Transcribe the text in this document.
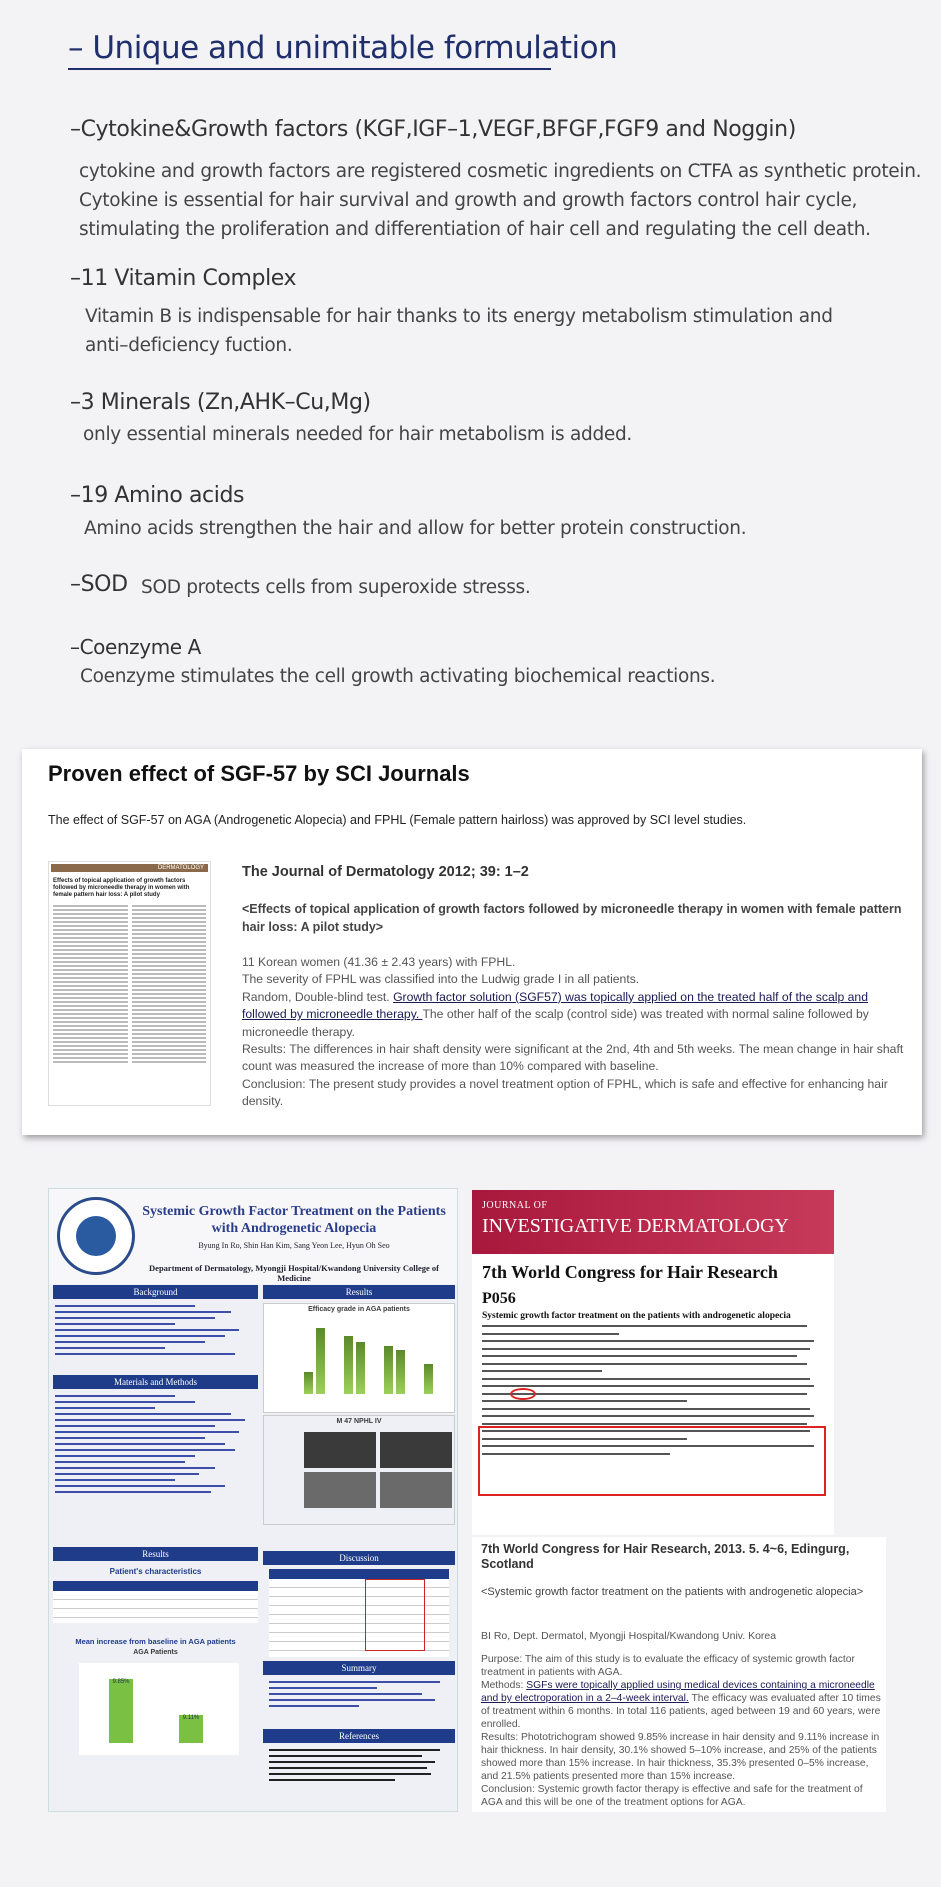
– Unique and unimitable formulation
–Cytokine&Growth factors (KGF,IGF–1,VEGF,BFGF,FGF9 and Noggin)
cytokine and growth factors are registered cosmetic ingredients on CTFA as synthetic protein.
Cytokine is essential for hair survival and growth and growth factors control hair cycle,
stimulating the proliferation and differentiation of hair cell and regulating the cell death.
–11 Vitamin Complex
Vitamin B is indispensable for hair thanks to its energy metabolism stimulation and
anti–deficiency fuction.
–3 Minerals (Zn,AHK–Cu,Mg)
only essential minerals needed for hair metabolism is added.
–19 Amino acids
Amino acids strengthen the hair and allow for better protein construction.
–SOD SOD protects cells from superoxide stresss.
–Coenzyme A
Coenzyme stimulates the cell growth activating biochemical reactions.
Proven effect of SGF-57 by SCI Journals
The effect of SGF-57 on AGA (Androgenetic Alopecia) and FPHL (Female pattern hairloss) was approved by SCI level studies.
DERMATOLOGY
Effects of topical application of growth factors followed by microneedle therapy in women with female pattern hair loss: A pilot study
The Journal of Dermatology 2012; 39: 1–2
<Effects of topical application of growth factors followed by microneedle therapy in women with female pattern hair loss: A pilot study>

11 Korean women (41.36 ± 2.43 years) with FPHL.

The severity of FPHL was classified into the Ludwig grade I in all patients.

Random, Double-blind test. Growth factor solution (SGF57) was topically applied on the treated half of the scalp and followed by microneedle therapy. The other half of the scalp (control side) was treated with normal saline followed by microneedle therapy.

Results: The differences in hair shaft density were significant at the 2nd, 4th and 5th weeks. The mean change in hair shaft count was measured the increase of more than 10% compared with baseline.

Conclusion: The present study provides a novel treatment option of FPHL, which is safe and effective for enhancing hair density.

Systemic Growth Factor Treatment on the Patients with Androgenetic Alopecia
Byung In Ro, Shin Han Kim, Sang Yeon Lee, Hyun Oh Seo
Department of Dermatology, Myongji Hospital/Kwandong University College of Medicine
Background	Results
Materials and Methods
Efficacy grade in AGA patients
M 47 NPHL IV
Results
Patient's characteristics
Mean increase from baseline in AGA patients
AGA Patients
9.85%
9.11%
Discussion
Summary
References
JOURNAL OF
INVESTIGATIVE DERMATOLOGY
7th World Congress for Hair Research
P056
Systemic growth factor treatment on the patients with androgenetic alopecia
7th World Congress for Hair Research, 2013. 5. 4~6, Edingurg, Scotland
<Systemic growth factor treatment on the patients with androgenetic alopecia>
BI Ro, Dept. Dermatol, Myongji Hospital/Kwandong Univ. Korea

Purpose: The aim of this study is to evaluate the efficacy of systemic growth factor treatment in patients with AGA.

Methods: SGFs were topically applied using medical devices containing a microneedle and by electroporation in a 2–4-week interval. The efficacy was evaluated after 10 times of treatment within 6 months. In total 116 patients, aged between 19 and 60 years, were enrolled.

Results: Phototrichogram showed 9.85% increase in hair density and 9.11% increase in hair thickness. In hair density, 30.1% showed 5–10% increase, and 25% of the patients showed more than 15% increase. In hair thickness, 35.3% presented 0–5% increase, and 21.5% patients presented more than 15% increase.

Conclusion: Systemic growth factor therapy is effective and safe for the treatment of AGA and this will be one of the treatment options for AGA.
